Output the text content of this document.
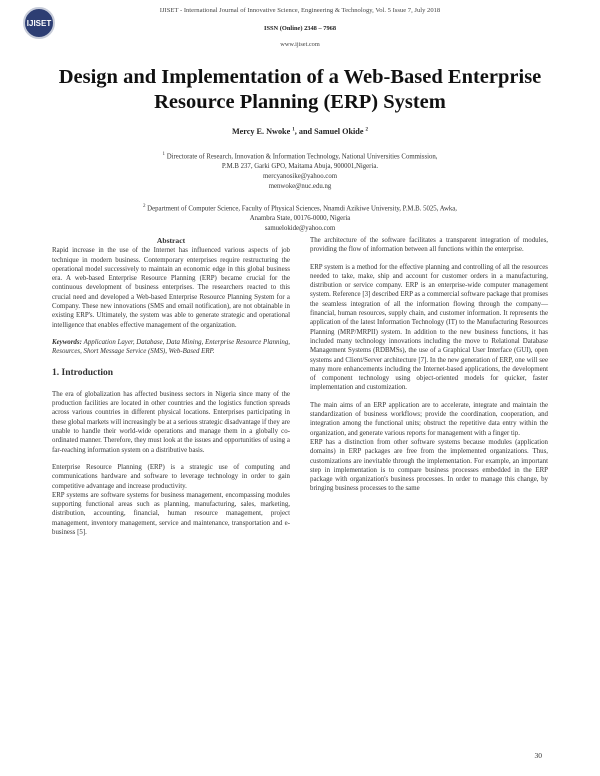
IJISET
IJISET - International Journal of Innovative Science, Engineering & Technology, Vol. 5 Issue 7, July 2018
ISSN (Online) 2348 – 7968
www.ijiset.com
Design and Implementation of a Web-Based Enterprise Resource Planning (ERP) System
Mercy E. Nwoke $^1$, and Samuel Okide $^2$
$^1$ Directorate of Research, Innovation & Information Technology, National Universities Commission,
P.M.B 237, Garki GPO, Maitama Abuja, 900001,Nigeria.
mercyanosike@yahoo.com
menwoke@nuc.edu.ng
$^2$ Department of Computer Science, Faculty of Physical Sciences, Nnamdi Azikiwe University, P.M.B. 5025, Awka,
Anambra State, 00176-0000, Nigeria
samuelokide@yahoo.com
Abstract

Rapid increase in the use of the Internet has influenced various aspects of job technique in modern business. Contemporary enterprises require restructuring the operational model successively to maintain an economic edge in this global business era. A web-based Enterprise Resource Planning (ERP) became crucial for the continuous development of business enterprises. The researchers reacted to this crucial need and developed a Web-based Enterprise Resource Planning System for a Company. These new innovations (SMS and email notification), are not obtainable in existing ERP's. Ultimately, the system was able to generate strategic and operational intelligence that enables effective management of the organization.

Keywords: Application Layer, Database, Data Mining, Enterprise Resource Planning, Resources, Short Message Service (SMS), Web-Based ERP.

1. Introduction

The era of globalization has affected business sectors in Nigeria since many of the production facilities are located in other countries and the logistics function spreads across various countries in different physical locations. Enterprises participating in these global markets will increasingly be at a serious strategic disadvantage if they are unable to handle their world-wide operations and manage them in a globally co-ordinated manner. Therefore, they must look at the issues and opportunities of using a far-reaching information system on a distributive basis.

Enterprise Resource Planning (ERP) is a strategic use of computing and communications hardware and software to leverage technology in order to gain competitive advantage and increase productivity.

ERP systems are software systems for business management, encompassing modules supporting functional areas such as planning, manufacturing, sales, marketing, distribution, accounting, financial, human resource management, project management, inventory management, service and maintenance, transportation and e-business [5].

The architecture of the software facilitates a transparent integration of modules, providing the flow of information between all functions within the enterprise.

ERP system is a method for the effective planning and controlling of all the resources needed to take, make, ship and account for customer orders in a manufacturing, distribution or service company. ERP is an enterprise-wide computer management system. Reference [3] described ERP as a commercial software package that promises the seamless integration of all the information flowing through the company—financial, human resources, supply chain, and customer information. It represents the application of the latest Information Technology (IT) to the Manufacturing Resources Planning (MRP/MRPII) system. In addition to the new business functions, it has included many technology innovations including the move to Relational Database Management Systems (RDBMSs), the use of a Graphical User Interface (GUI), open systems and Client/Server architecture [7]. In the new generation of ERP, one will see many more enhancements including the Internet-based applications, the development of component technology using object-oriented models for quicker, faster implementation and customization.

The main aims of an ERP application are to accelerate, integrate and maintain the standardization of business workflows; provide the coordination, cooperation, and integration among the functional units; obstruct the repetitive data entry within the organization, and generate various reports for management with a finger tip.

ERP has a distinction from other software systems because modules (application domains) in ERP packages are free from the implemented organizations. Thus, customizations are inevitable through the implementation. For example, an important step in implementation is to compare business processes embedded in the ERP package with organization's business processes. In order to manage this change, by bringing business processes to the same

30
